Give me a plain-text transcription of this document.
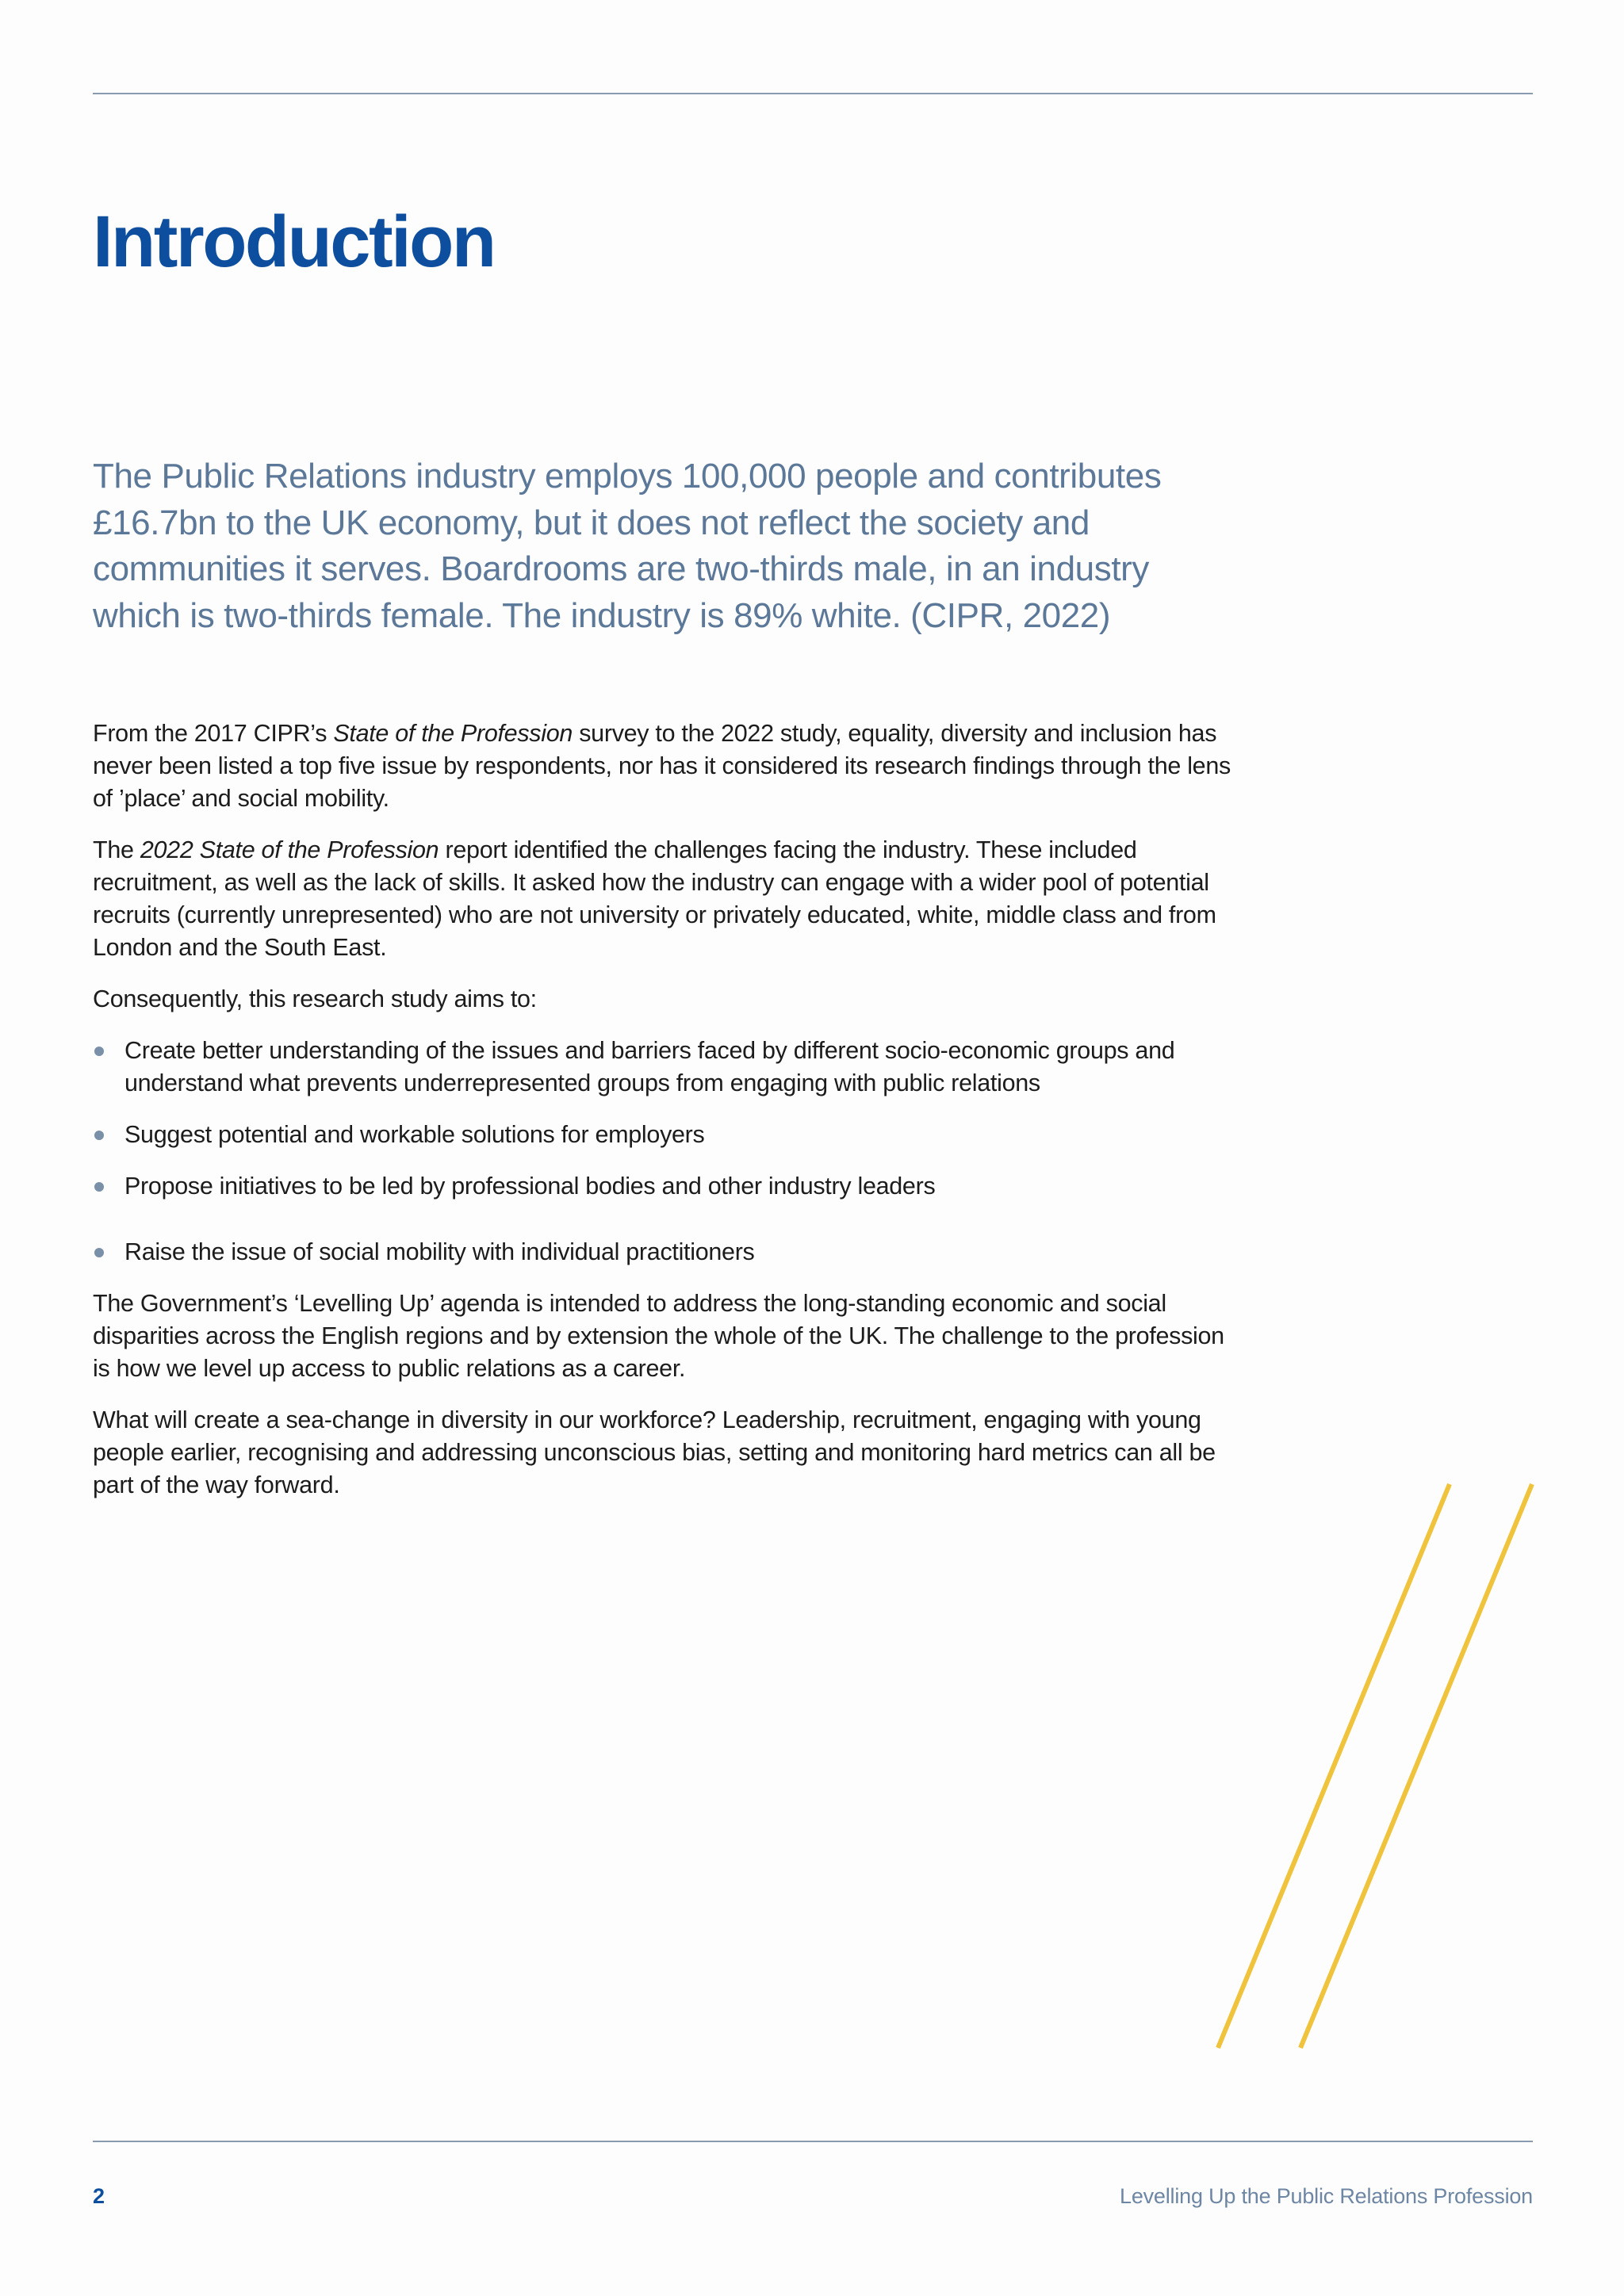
Introduction

The Public Relations industry employs 100,000 people and contributes £16.7bn to the UK economy, but it does not reflect the society and communities it serves. Boardrooms are two-thirds male, in an industry which is two-thirds female. The industry is 89% white. (CIPR, 2022)

From the 2017 CIPR’s State of the Profession survey to the 2022 study, equality, diversity and inclusion has never been listed a top five issue by respondents, nor has it considered its research findings through the lens of ’place’ and social mobility.

The 2022 State of the Profession report identified the challenges facing the industry. These included recruitment, as well as the lack of skills. It asked how the industry can engage with a wider pool of potential recruits (currently unrepresented) who are not university or privately educated, white, middle class and from London and the South East.

Consequently, this research study aims to:

Create better understanding of the issues and barriers faced by different socio-economic groups and understand what prevents underrepresented groups from engaging with public relations
Suggest potential and workable solutions for employers
Propose initiatives to be led by professional bodies and other industry leaders
Raise the issue of social mobility with individual practitioners

The Government’s ‘Levelling Up’ agenda is intended to address the long-standing economic and social disparities across the English regions and by extension the whole of the UK. The challenge to the profession is how we level up access to public relations as a career.

What will create a sea-change in diversity in our workforce? Leadership, recruitment, engaging with young people earlier, recognising and addressing unconscious bias, setting and monitoring hard metrics can all be part of the way forward.

2	Levelling Up the Public Relations Profession
